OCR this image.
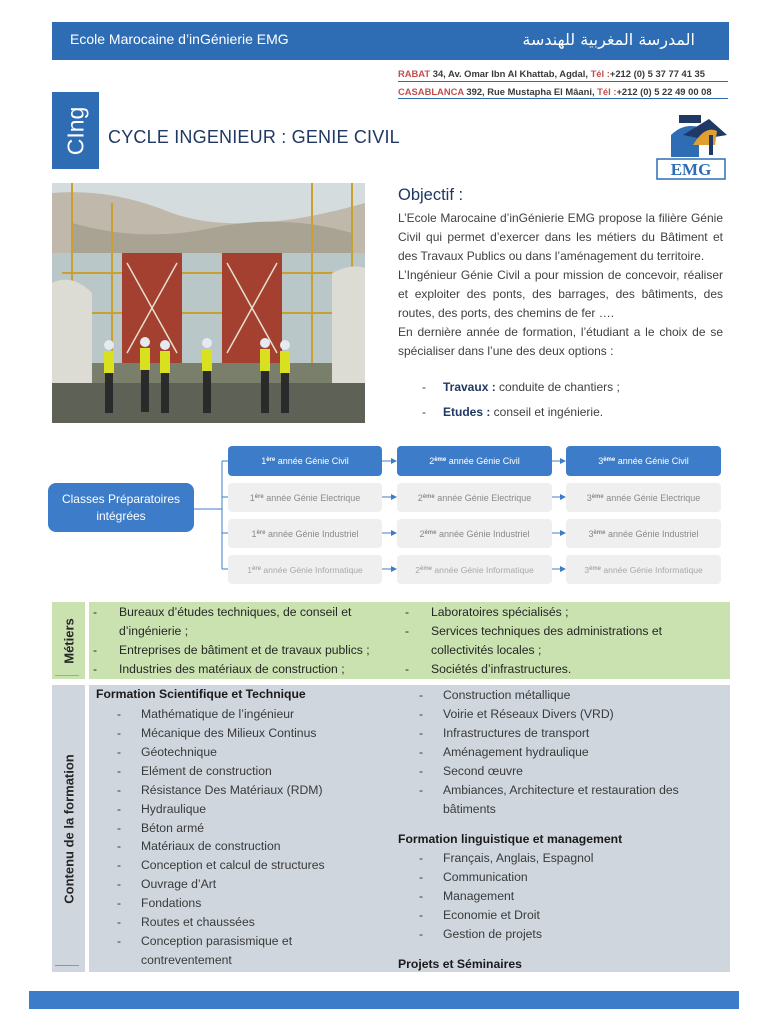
Ecole Marocaine d’inGénierie EMG	المدرسة المغربية للهندسة
RABAT 34, Av. Omar Ibn Al Khattab, Agdal, Tél :+212 (0) 5 37 77 41 35
CASABLANCA 392, Rue Mustapha El Mâani, Tél :+212 (0) 5 22 49 00 08
CIng CYCLE INGENIEUR : GENIE CIVIL
EMG
Objectif :

L’Ecole Marocaine d’inGénierie EMG propose la filière Génie Civil qui permet d’exercer dans les métiers du Bâtiment et des Travaux Publics ou dans l’aménagement du territoire.

L’Ingénieur Génie Civil a pour mission de concevoir, réaliser et exploiter des ponts, des barrages, des bâtiments, des routes, des ports, des chemins de fer ….

En dernière année de formation, l’étudiant a le choix de se spécialiser dans l’une des deux options :

- Travaux : conduite de chantiers ;
- Etudes : conseil et ingénierie.
Classes Préparatoires intégrées
1ère année Génie Civil	2ème année Génie Civil	3ème année Génie Civil
1ère année Génie Electrique	2ème année Génie Electrique	3ème année Génie Electrique
1ère année Génie Industriel	2ème année Génie Industriel	3ème année Génie Industriel
1ère année Génie Informatique	2ème année Génie Informatique	3ème année Génie Informatique
Métiers
- Bureaux d’études techniques, de conseil et d’ingénierie ;
- Entreprises de bâtiment et de travaux publics ;
- Industries des matériaux de construction ;
- Laboratoires spécialisés ;
- Services techniques des administrations et collectivités locales ;
- Sociétés d’infrastructures.
Contenu de la formation
Formation Scientifique et Technique
- Mathématique de l’ingénieur
- Mécanique des Milieux Continus
- Géotechnique
- Elément de construction
- Résistance Des Matériaux (RDM)
- Hydraulique
- Béton armé
- Matériaux de construction
- Conception et calcul de structures
- Ouvrage d’Art
- Fondations
- Routes et chaussées
- Conception parasismique et contreventement
- Construction métallique
- Voirie et Réseaux Divers (VRD)
- Infrastructures de transport
- Aménagement hydraulique
- Second œuvre
- Ambiances, Architecture et restauration des bâtiments
Formation linguistique et management
- Français, Anglais, Espagnol
- Communication
- Management
- Economie et Droit
- Gestion de projets
Projets et Séminaires
